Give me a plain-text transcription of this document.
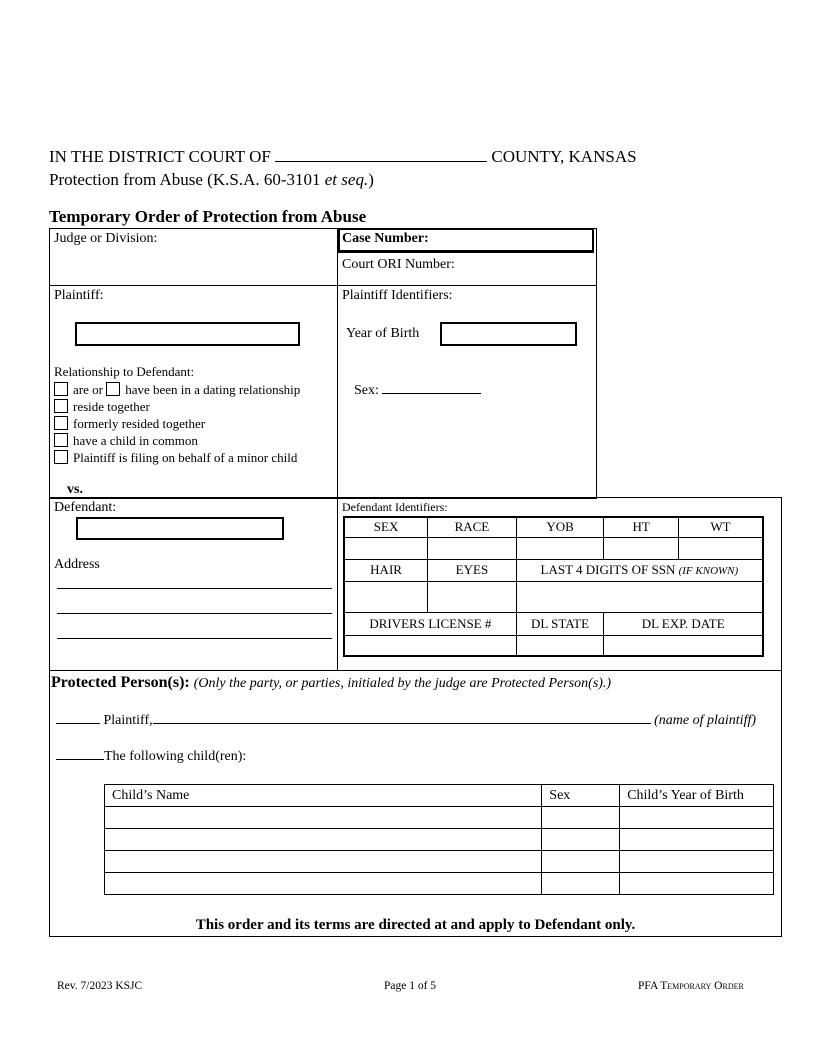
IN THE DISTRICT COURT OF	COUNTY, KANSAS
Protection from Abuse (K.S.A. 60-3101 et seq.)
Temporary Order of Protection from Abuse
Judge or Division:	Case Number:
Court ORI Number:
Plaintiff:	Plaintiff Identifiers:
Year of Birth
Sex:
Relationship to Defendant:
are or have been in a dating relationship
reside together
formerly resided together
have a child in common
Plaintiff is filing on behalf of a minor child
vs.
Defendant:
Address
Defendant Identifiers:
SEX	RACE	YOB	HT	WT

HAIR	EYES	LAST 4 DIGITS OF SSN (IF KNOWN)		

DRIVERS LICENSE #		DL STATE	DL EXP. DATE	

Protected Person(s): (Only the party, or parties, initialed by the judge are Protected Person(s).)
Plaintiff,	(name of plaintiff)
The following child(ren):
Child’s Name	Sex	Child’s Year of Birth

This order and its terms are directed at and apply to Defendant only.
Rev. 7/2023 KSJC	Page 1 of 5	PFA Temporary Order
